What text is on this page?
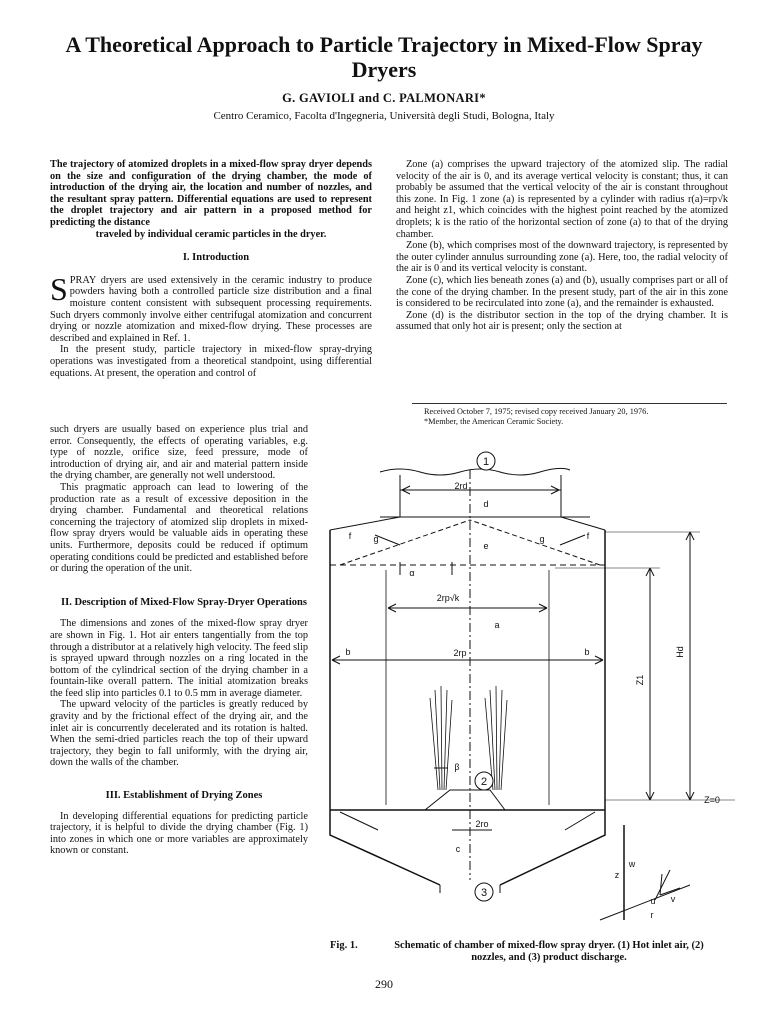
A Theoretical Approach to Particle Trajectory in Mixed-Flow Spray Dryers
G. GAVIOLI and C. PALMONARI*
Centro Ceramico, Facolta d'Ingegneria, Università degli Studi, Bologna, Italy

The trajectory of atomized droplets in a mixed-flow spray dryer depends on the size and configuration of the drying chamber, the mode of introduction of the drying air, the location and number of nozzles, and the resultant spray pattern. Differential equations are used to represent the droplet trajectory and air pattern in a proposed method for predicting the distance

traveled by individual ceramic particles in the dryer.

I. Introduction

SPRAY dryers are used extensively in the ceramic industry to produce powders having both a controlled particle size distribution and a final moisture content consistent with subsequent processing requirements. Such dryers commonly involve either centrifugal atomization and concurrent drying or nozzle atomization and mixed-flow drying. These processes are described and explained in Ref. 1.

In the present study, particle trajectory in mixed-flow spray-drying operations was investigated from a theoretical standpoint, using differential equations. At present, the operation and control of

such dryers are usually based on experience plus trial and error. Consequently, the effects of operating variables, e.g. type of nozzle, orifice size, feed pressure, mode of introduction of drying air, and air and material pattern inside the drying chamber, are generally not well understood.

This pragmatic approach can lead to lowering of the production rate as a result of excessive deposition in the drying chamber. Fundamental and theoretical relations concerning the trajectory of atomized slip droplets in mixed-flow spray dryers would be valuable aids in operating these units. Furthermore, deposits could be reduced if optimum operating conditions could be predicted and established before or during the operation of the unit.

II. Description of Mixed-Flow Spray-Dryer Operations

The dimensions and zones of the mixed-flow spray dryer are shown in Fig. 1. Hot air enters tangentially from the top through a distributor at a relatively high velocity. The feed slip is sprayed upward through nozzles on a ring located in the bottom of the cylindrical section of the drying chamber in a fountain-like overall pattern. The initial atomization breaks the feed slip into particles 0.1 to 0.5 mm in average diameter.

The upward velocity of the particles is greatly reduced by gravity and by the frictional effect of the drying air, and the inlet air is concurrently decelerated and its rotation is halted. When the semi-dried particles reach the top of their upward trajectory, they begin to fall uniformly, with the drying air, down the walls of the chamber.

III. Establishment of Drying Zones

In developing differential equations for predicting particle trajectory, it is helpful to divide the drying chamber (Fig. 1) into zones in which one or more variables are approximately known or constant.

Zone (a) comprises the upward trajectory of the atomized slip. The radial velocity of the air is 0, and its average vertical velocity is constant; thus, it can probably be assumed that the vertical velocity of the air is constant throughout this zone. In Fig. 1 zone (a) is represented by a cylinder with radius r(a)=rp√k and height z1, which coincides with the highest point reached by the atomized droplets; k is the ratio of the horizontal section of zone (a) to that of the drying chamber.

Zone (b), which comprises most of the downward trajectory, is represented by the outer cylinder annulus surrounding zone (a). Here, too, the radial velocity of the air is 0 and its vertical velocity is constant.

Zone (c), which lies beneath zones (a) and (b), usually comprises part or all of the cone of the drying chamber. In the present study, part of the air in this zone is considered to be recirculated into zone (a), and the remainder is exhausted.

Zone (d) is the distributor section in the top of the drying chamber. It is assumed that only hot air is present; only the section at

Received October 7, 1975; revised copy received January 20, 1976.

*Member, the American Ceramic Society.

1
2
3
2rd
d
e
f	f
g	g
α
2rp√k
a
b	b
2rp
Z1
Hd
Z=0
2ro
c
β
w
z
u v
r
Fig. 1.	Schematic of chamber of mixed-flow spray dryer. (1) Hot inlet air, (2) nozzles, and (3) product discharge.
290
